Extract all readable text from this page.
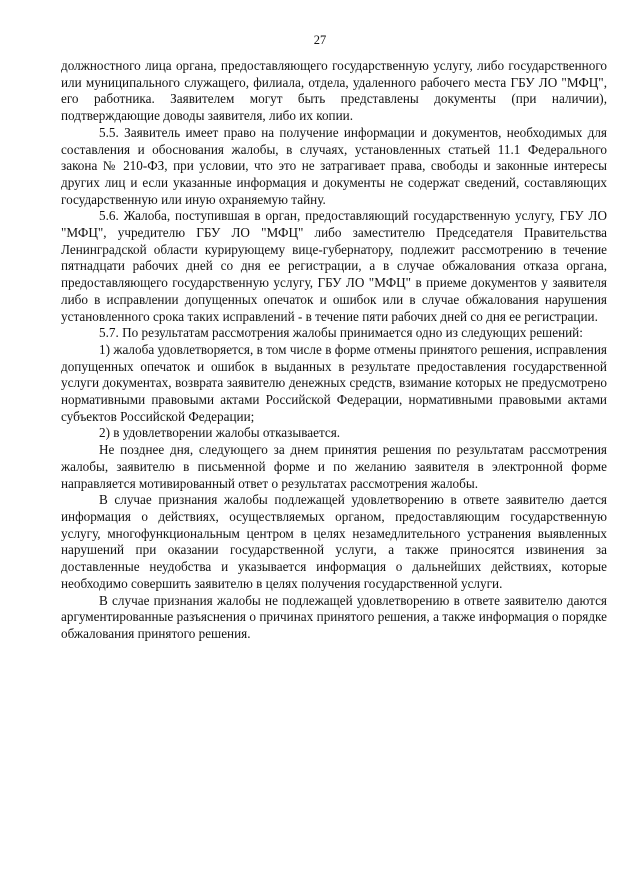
27

должностного лица органа, предоставляющего государственную услугу, либо государственного или муниципального служащего, филиала, отдела, удаленного рабочего места ГБУ ЛО "МФЦ", его работника. Заявителем могут быть представлены документы (при наличии), подтверждающие доводы заявителя, либо их копии.

5.5. Заявитель имеет право на получение информации и документов, необходимых для составления и обоснования жалобы, в случаях, установленных статьей 11.1 Федерального закона № 210-ФЗ, при условии, что это не затрагивает права, свободы и законные интересы других лиц и если указанные информация и документы не содержат сведений, составляющих государственную или иную охраняемую тайну.

5.6. Жалоба, поступившая в орган, предоставляющий государственную услугу, ГБУ ЛО "МФЦ", учредителю ГБУ ЛО "МФЦ" либо заместителю Председателя Правительства Ленинградской области курирующему вице-губернатору, подлежит рассмотрению в течение пятнадцати рабочих дней со дня ее регистрации, а в случае обжалования отказа органа, предоставляющего государственную услугу, ГБУ ЛО "МФЦ" в приеме документов у заявителя либо в исправлении допущенных опечаток и ошибок или в случае обжалования нарушения установленного срока таких исправлений - в течение пяти рабочих дней со дня ее регистрации.

5.7. По результатам рассмотрения жалобы принимается одно из следующих решений:

1) жалоба удовлетворяется, в том числе в форме отмены принятого решения, исправления допущенных опечаток и ошибок в выданных в результате предоставления государственной услуги документах, возврата заявителю денежных средств, взимание которых не предусмотрено нормативными правовыми актами Российской Федерации, нормативными правовыми актами субъектов Российской Федерации;

2) в удовлетворении жалобы отказывается.

Не позднее дня, следующего за днем принятия решения по результатам рассмотрения жалобы, заявителю в письменной форме и по желанию заявителя в электронной форме направляется мотивированный ответ о результатах рассмотрения жалобы.

В случае признания жалобы подлежащей удовлетворению в ответе заявителю дается информация о действиях, осуществляемых органом, предоставляющим государственную услугу, многофункциональным центром в целях незамедлительного устранения выявленных нарушений при оказании государственной услуги, а также приносятся извинения за доставленные неудобства и указывается информация о дальнейших действиях, которые необходимо совершить заявителю в целях получения государственной услуги.

В случае признания жалобы не подлежащей удовлетворению в ответе заявителю даются аргументированные разъяснения о причинах принятого решения, а также информация о порядке обжалования принятого решения.
